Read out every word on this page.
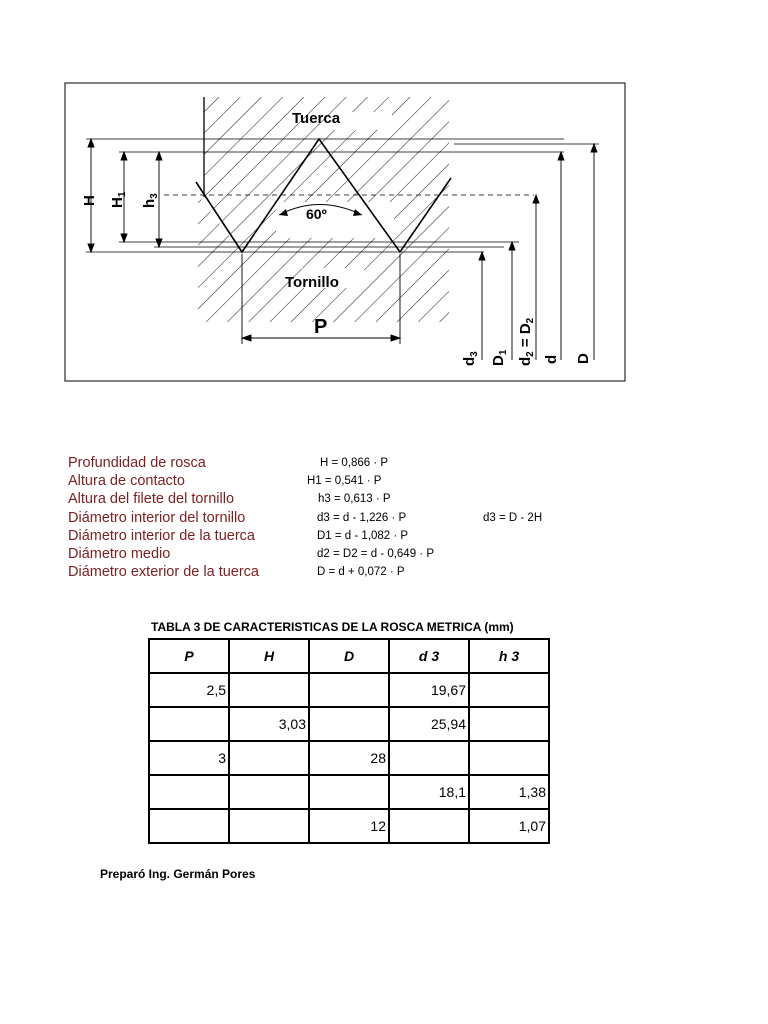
Tuerca
60º
Tornillo
P
H $H_1$
$h_3$
$d_3$
$D_1$
$d_2 = D_2$
d D
Profundidad de rosca	H = 0,866 · P
Altura de contacto	H1 = 0,541 · P
Altura del filete del tornillo	h3 = 0,613 · P
Diámetro interior del tornillo	d3 = d - 1,226 · P	d3 = D - 2H
Diámetro interior de la tuerca	D1 = d - 1,082 · P
Diámetro medio	d2 = D2 = d - 0,649 · P
Diámetro exterior de la tuerca	D = d + 0,072 · P
TABLA 3 DE CARACTERISTICAS DE LA ROSCA METRICA (mm)
P	H	D	d 3	h 3
2,5			19,67	
	3,03		25,94	
3		28		
			18,1	1,38
		12		1,07
Preparó Ing. Germán Pores
